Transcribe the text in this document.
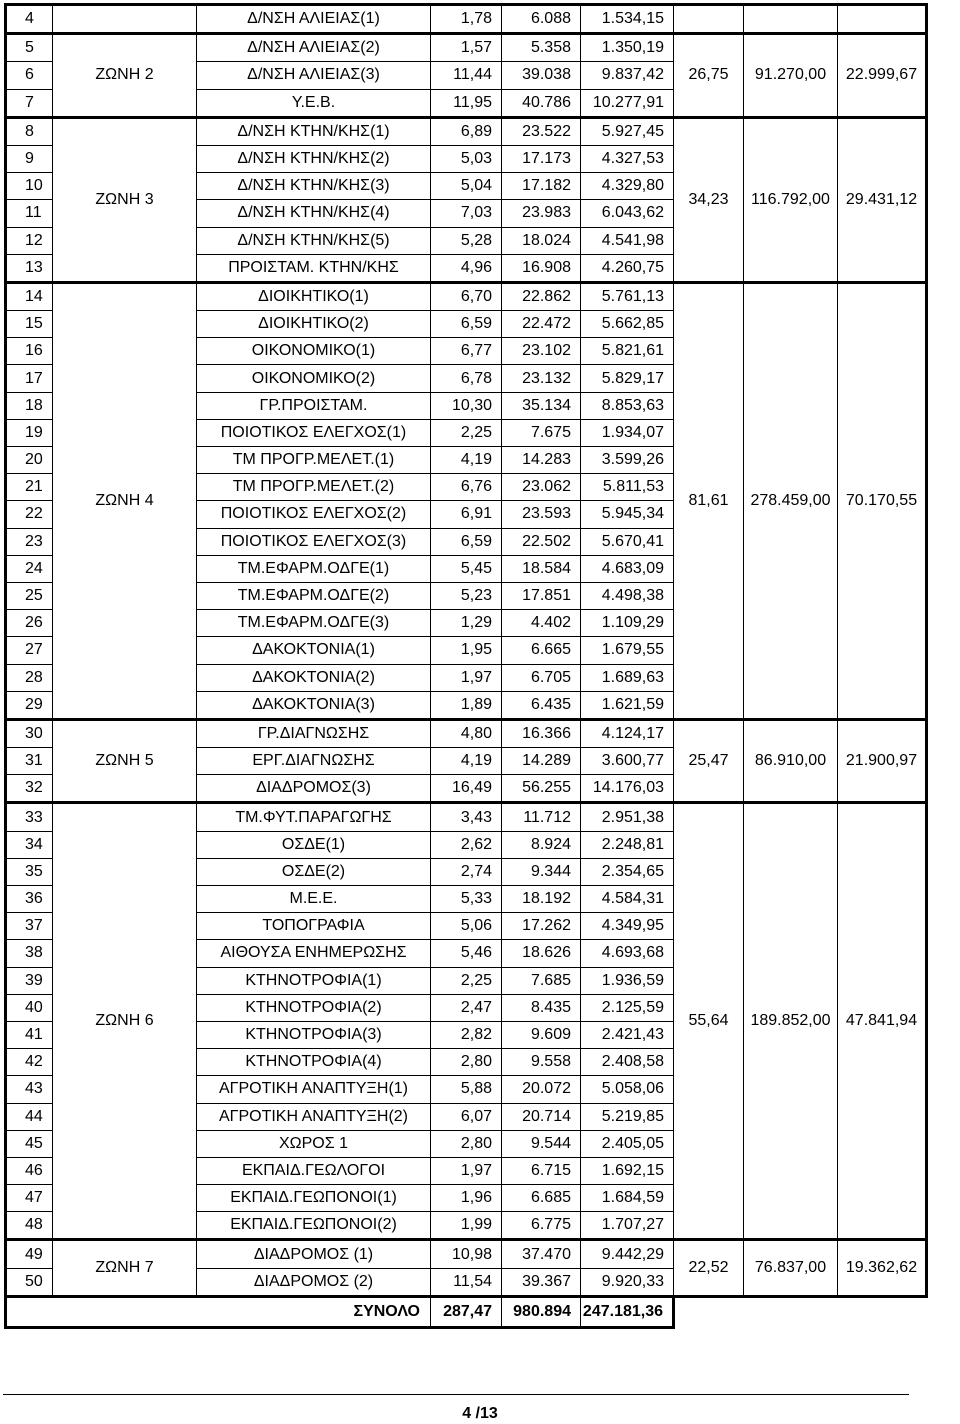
4		Δ/ΝΣΗ ΑΛΙΕΙΑΣ(1)	1,78	6.088	1.534,15			
5	ΖΩΝΗ 2	Δ/ΝΣΗ ΑΛΙΕΙΑΣ(2)	1,57	5.358	1.350,19	26,75	91.270,00	22.999,67
6		Δ/ΝΣΗ ΑΛΙΕΙΑΣ(3)	11,44	39.038	9.837,42			
7		Υ.Ε.Β.	11,95	40.786	10.277,91			
8	ΖΩΝΗ 3	Δ/ΝΣΗ ΚΤΗΝ/ΚΗΣ(1)	6,89	23.522	5.927,45	34,23	116.792,00	29.431,12
9		Δ/ΝΣΗ ΚΤΗΝ/ΚΗΣ(2)	5,03	17.173	4.327,53			
10		Δ/ΝΣΗ ΚΤΗΝ/ΚΗΣ(3)	5,04	17.182	4.329,80			
11		Δ/ΝΣΗ ΚΤΗΝ/ΚΗΣ(4)	7,03	23.983	6.043,62			
12		Δ/ΝΣΗ ΚΤΗΝ/ΚΗΣ(5)	5,28	18.024	4.541,98			
13		ΠΡΟΙΣΤΑΜ. ΚΤΗΝ/ΚΗΣ	4,96	16.908	4.260,75			
14	ΖΩΝΗ 4	ΔΙΟΙΚΗΤΙΚΟ(1)	6,70	22.862	5.761,13	81,61	278.459,00	70.170,55
15		ΔΙΟΙΚΗΤΙΚΟ(2)	6,59	22.472	5.662,85			
16		ΟΙΚΟΝΟΜΙΚΟ(1)	6,77	23.102	5.821,61			
17		ΟΙΚΟΝΟΜΙΚΟ(2)	6,78	23.132	5.829,17			
18		ΓΡ.ΠΡΟΙΣΤΑΜ.	10,30	35.134	8.853,63			
19		ΠΟΙΟΤΙΚΟΣ ΕΛΕΓΧΟΣ(1)	2,25	7.675	1.934,07			
20		ΤΜ ΠΡΟΓΡ.ΜΕΛΕΤ.(1)	4,19	14.283	3.599,26			
21		ΤΜ ΠΡΟΓΡ.ΜΕΛΕΤ.(2)	6,76	23.062	5.811,53			
22		ΠΟΙΟΤΙΚΟΣ ΕΛΕΓΧΟΣ(2)	6,91	23.593	5.945,34			
23		ΠΟΙΟΤΙΚΟΣ ΕΛΕΓΧΟΣ(3)	6,59	22.502	5.670,41			
24		ΤΜ.ΕΦΑΡΜ.ΟΔΓΕ(1)	5,45	18.584	4.683,09			
25		ΤΜ.ΕΦΑΡΜ.ΟΔΓΕ(2)	5,23	17.851	4.498,38			
26		ΤΜ.ΕΦΑΡΜ.ΟΔΓΕ(3)	1,29	4.402	1.109,29			
27		ΔΑΚΟΚΤΟΝΙΑ(1)	1,95	6.665	1.679,55			
28		ΔΑΚΟΚΤΟΝΙΑ(2)	1,97	6.705	1.689,63			
29		ΔΑΚΟΚΤΟΝΙΑ(3)	1,89	6.435	1.621,59			
30	ΖΩΝΗ 5	ΓΡ.ΔΙΑΓΝΩΣΗΣ	4,80	16.366	4.124,17	25,47	86.910,00	21.900,97
31		ΕΡΓ.ΔΙΑΓΝΩΣΗΣ	4,19	14.289	3.600,77			
32		ΔΙΑΔΡΟΜΟΣ(3)	16,49	56.255	14.176,03			
33	ΖΩΝΗ 6	ΤΜ.ΦΥΤ.ΠΑΡΑΓΩΓΗΣ	3,43	11.712	2.951,38	55,64	189.852,00	47.841,94
34		ΟΣΔΕ(1)	2,62	8.924	2.248,81			
35		ΟΣΔΕ(2)	2,74	9.344	2.354,65			
36		Μ.Ε.Ε.	5,33	18.192	4.584,31			
37		ΤΟΠΟΓΡΑΦΙΑ	5,06	17.262	4.349,95			
38		ΑΙΘΟΥΣΑ ΕΝΗΜΕΡΩΣΗΣ	5,46	18.626	4.693,68			
39		ΚΤΗΝΟΤΡΟΦΙΑ(1)	2,25	7.685	1.936,59			
40		ΚΤΗΝΟΤΡΟΦΙΑ(2)	2,47	8.435	2.125,59			
41		ΚΤΗΝΟΤΡΟΦΙΑ(3)	2,82	9.609	2.421,43			
42		ΚΤΗΝΟΤΡΟΦΙΑ(4)	2,80	9.558	2.408,58			
43		ΑΓΡΟΤΙΚΗ ΑΝΑΠΤΥΞΗ(1)	5,88	20.072	5.058,06			
44		ΑΓΡΟΤΙΚΗ ΑΝΑΠΤΥΞΗ(2)	6,07	20.714	5.219,85			
45		ΧΩΡΟΣ 1	2,80	9.544	2.405,05			
46		ΕΚΠΑΙΔ.ΓΕΩΛΟΓΟΙ	1,97	6.715	1.692,15			
47		ΕΚΠΑΙΔ.ΓΕΩΠΟΝΟΙ(1)	1,96	6.685	1.684,59			
48		ΕΚΠΑΙΔ.ΓΕΩΠΟΝΟΙ(2)	1,99	6.775	1.707,27			
49	ΖΩΝΗ 7	ΔΙΑΔΡΟΜΟΣ (1)	10,98	37.470	9.442,29	22,52	76.837,00	19.362,62
50		ΔΙΑΔΡΟΜΟΣ (2)	11,54	39.367	9.920,33			
ΣΥΝΟΛΟ			287,47	980.894	247.181,36			
4 /13
